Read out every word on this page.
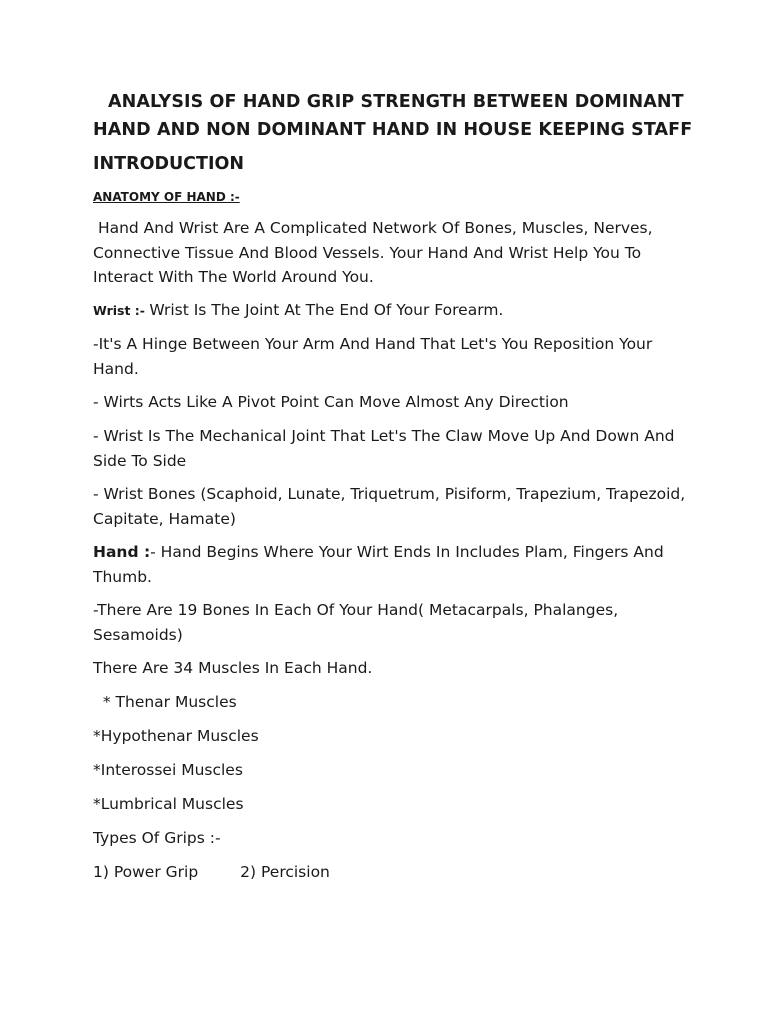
ANALYSIS OF HAND GRIP STRENGTH BETWEEN DOMINANT
HAND AND NON DOMINANT HAND IN HOUSE KEEPING STAFF
INTRODUCTION
ANATOMY OF HAND :-
Hand And Wrist Are A Complicated Network Of Bones, Muscles, Nerves, Connective Tissue And Blood Vessels. Your Hand And Wrist Help You To Interact With The World Around You.
Wrist :- Wrist Is The Joint At The End Of Your Forearm.
-It's A Hinge Between Your Arm And Hand That Let's You Reposition Your Hand.
- Wirts Acts Like A Pivot Point Can Move Almost Any Direction
- Wrist Is The Mechanical Joint That Let's The Claw Move Up And Down And Side To Side
- Wrist Bones (Scaphoid, Lunate, Triquetrum, Pisiform, Trapezium, Trapezoid, Capitate, Hamate)
Hand :- Hand Begins Where Your Wirt Ends In Includes Plam, Fingers And Thumb.
-There Are 19 Bones In Each Of Your Hand( Metacarpals, Phalanges, Sesamoids)
There Are 34 Muscles In Each Hand.
* Thenar Muscles
*Hypothenar Muscles
*Interossei Muscles
*Lumbrical Muscles
Types Of Grips :-
1) Power Grip	2) Percision
